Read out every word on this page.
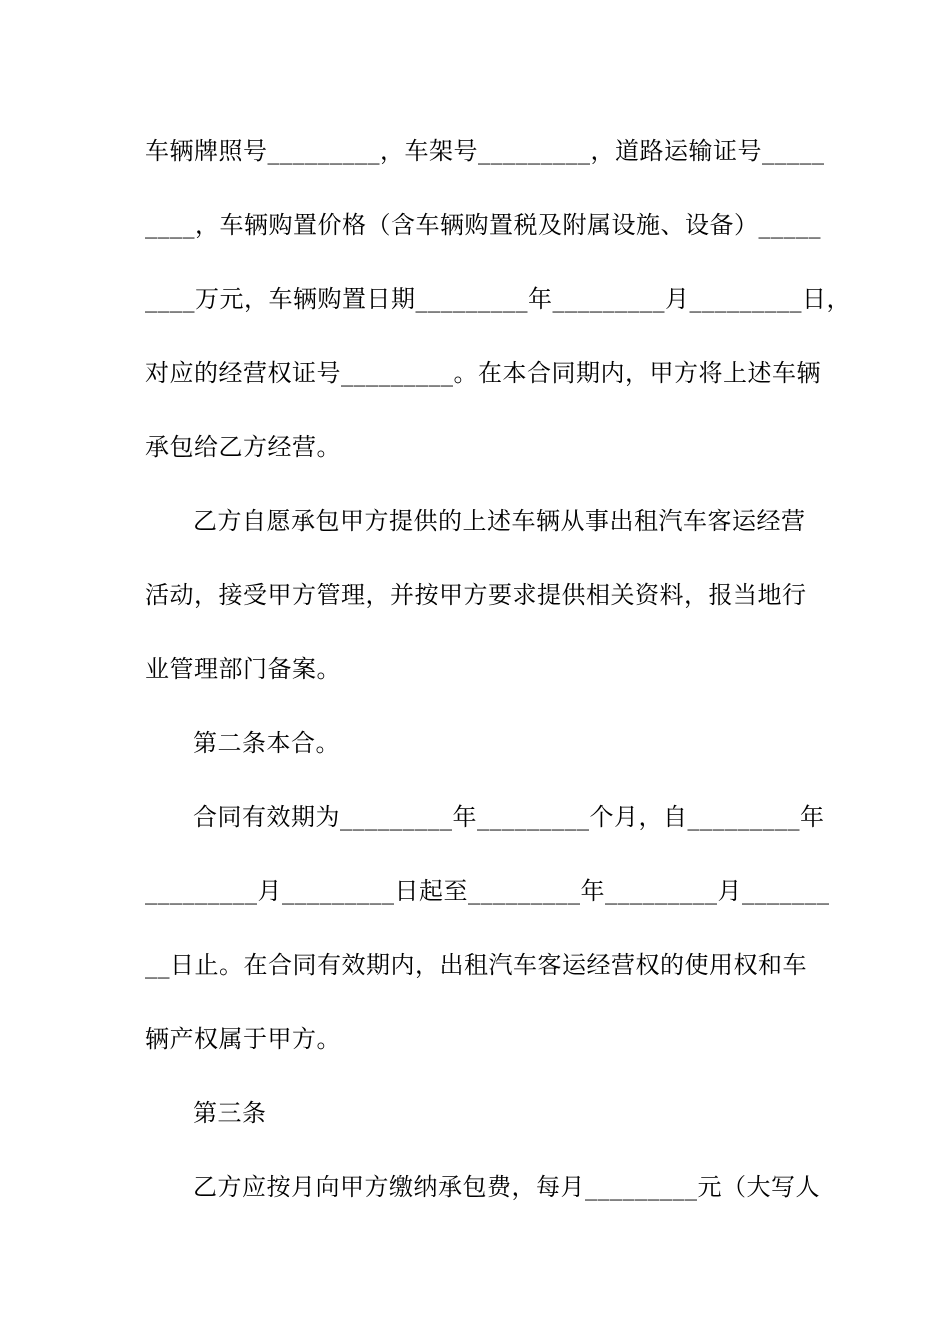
车辆牌照号_________，车架号_________，道路运输证号_____
____，车辆购置价格（含车辆购置税及附属设施、设备）_____
____万元，车辆购置日期_________年_________月_________日，
对应的经营权证号_________。在本合同期内，甲方将上述车辆
承包给乙方经营。
乙方自愿承包甲方提供的上述车辆从事出租汽车客运经营
活动，接受甲方管理，并按甲方要求提供相关资料，报当地行
业管理部门备案。
第二条本合。
合同有效期为_________年_________个月，自_________年
_________月_________日起至_________年_________月_______
__日止。在合同有效期内，出租汽车客运经营权的使用权和车
辆产权属于甲方。
第三条
乙方应按月向甲方缴纳承包费，每月_________元（大写人
